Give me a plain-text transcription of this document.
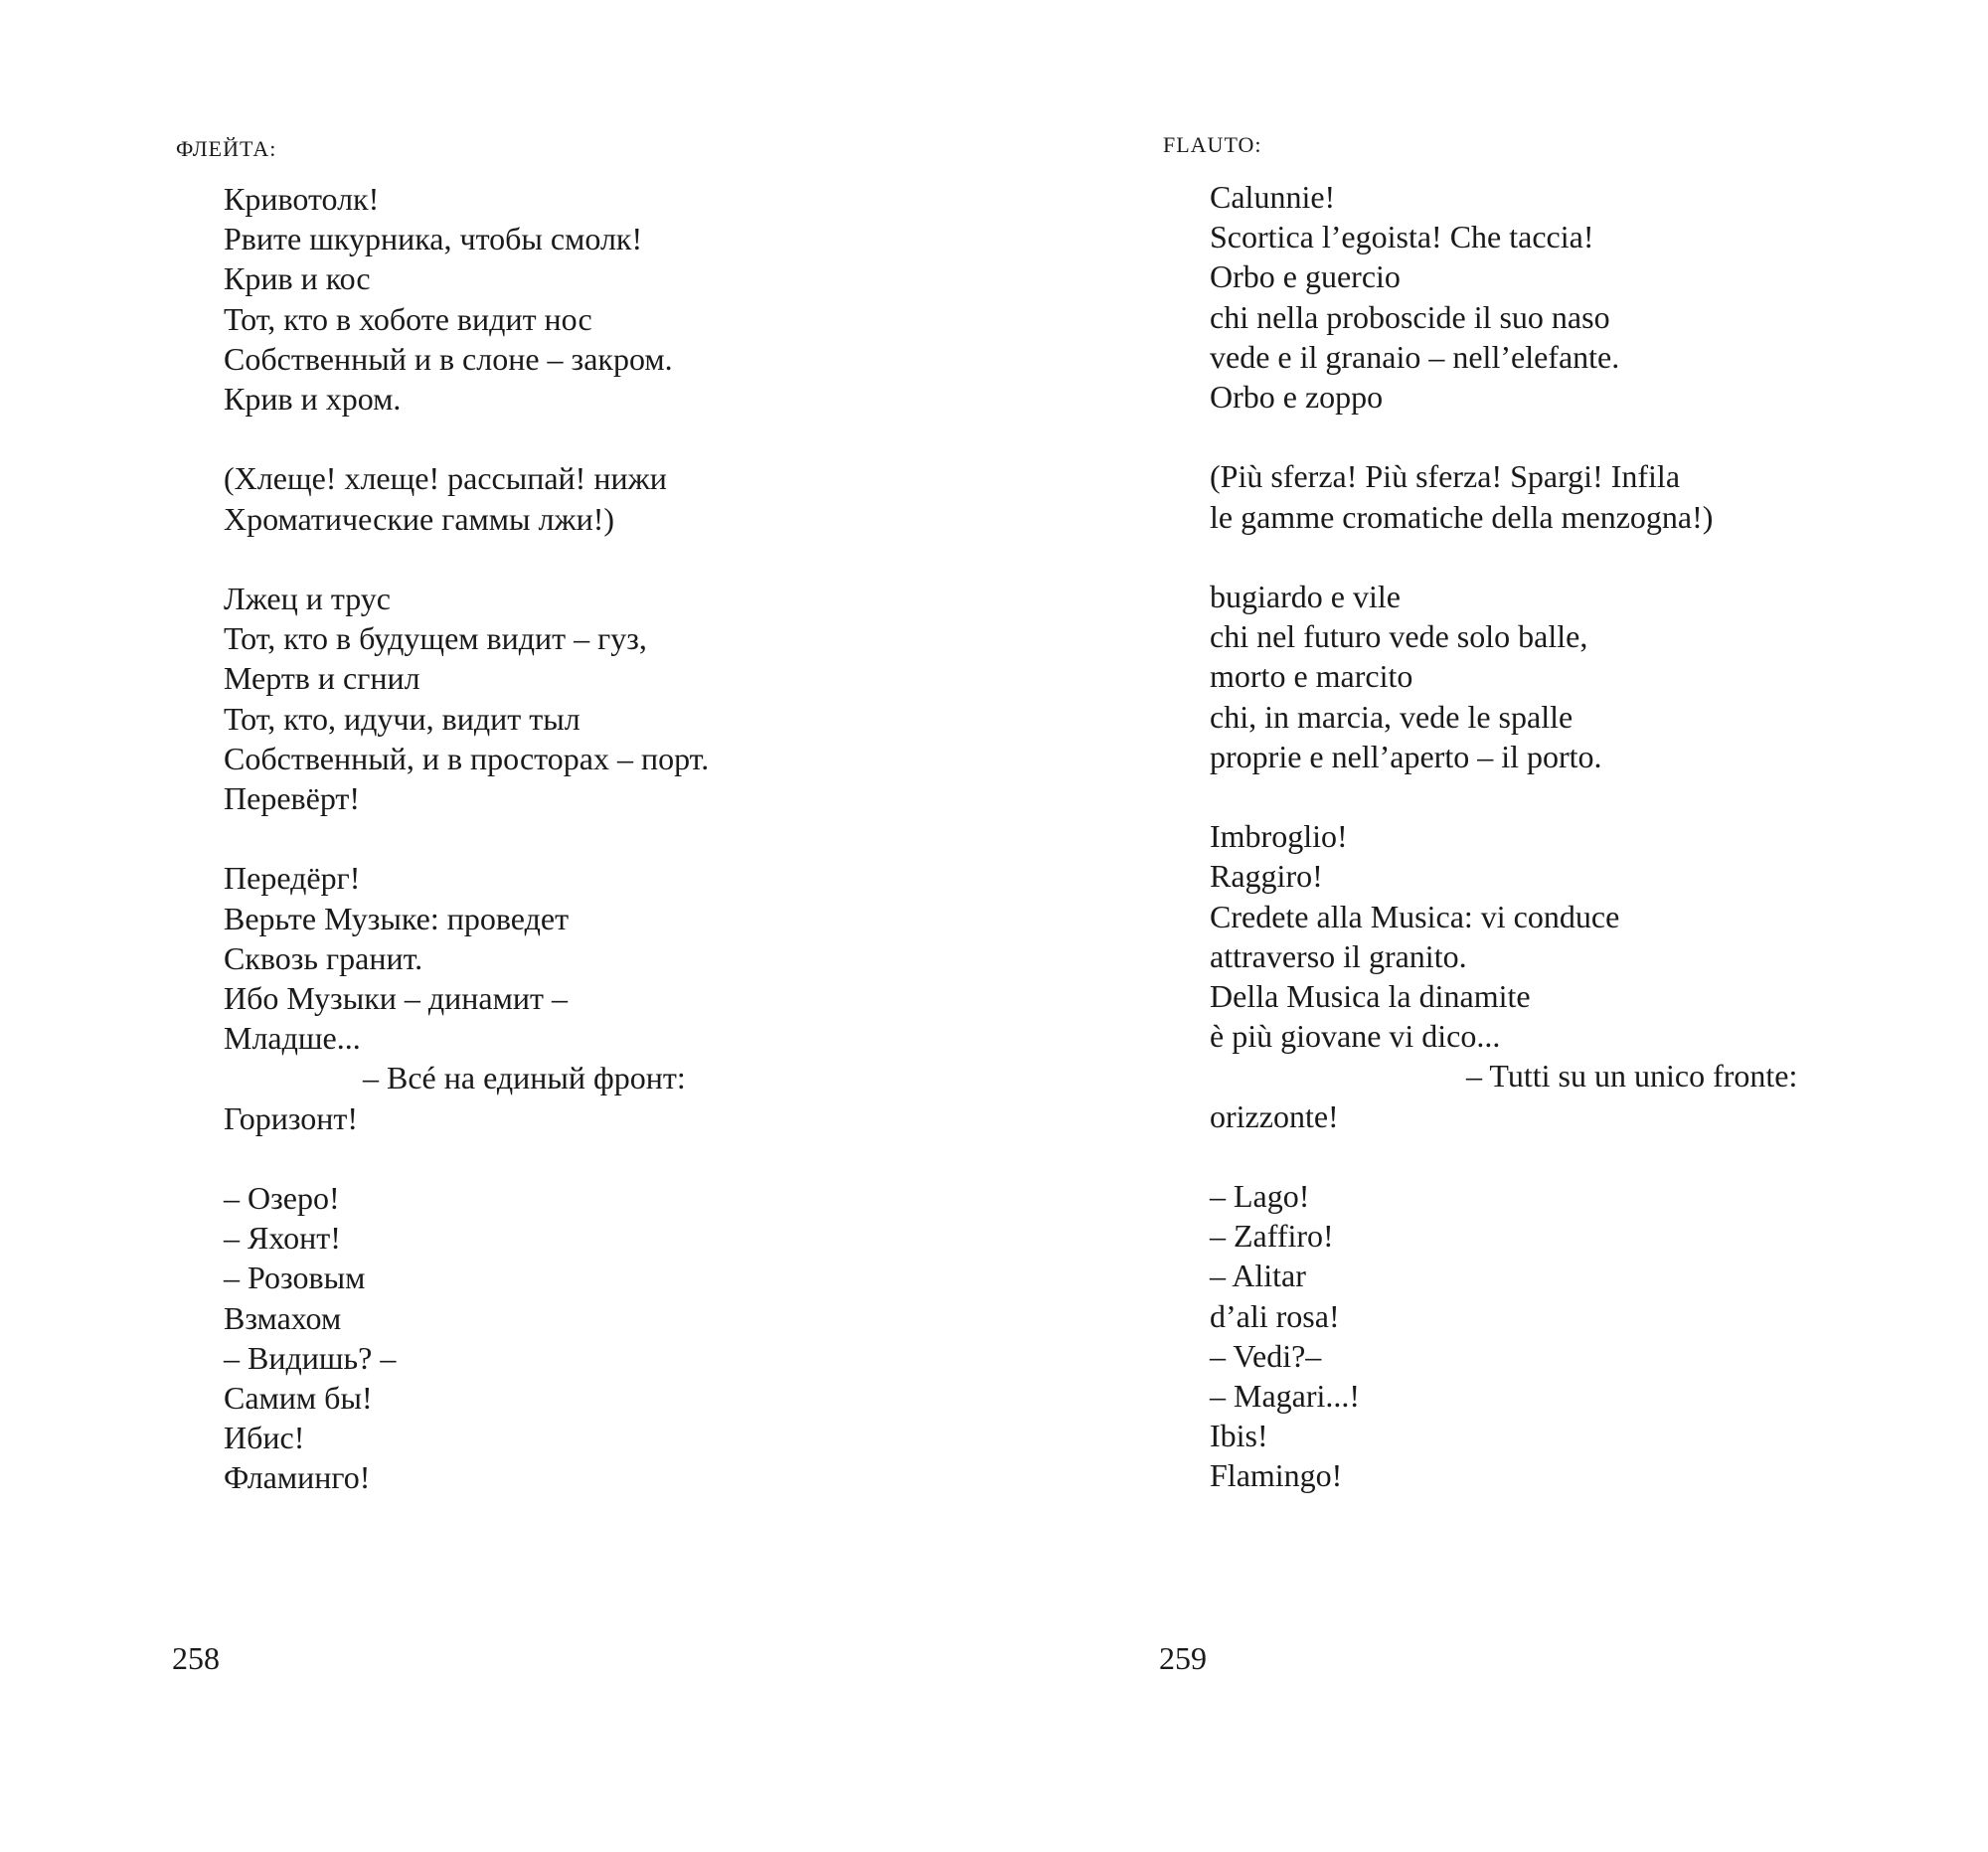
ФЛЕЙТА:
Кривотолк!
Рвите шкурника, чтобы смолк!
Крив и кос
Тот, кто в хоботе видит нос
Собственный и в слоне – закром.
Крив и хром.
(Хлеще! хлеще! рассыпай! нижи
Хроматические гаммы лжи!)
Лжец и трус
Тот, кто в будущем видит – гуз,
Мертв и сгнил
Тот, кто, идучи, видит тыл
Собственный, и в просторах – порт.
Перевёрт!
Передёрг!
Верьте Музыке: проведет
Сквозь гранит.
Ибо Музыки – динамит –
Младше...
– Всé на единый фронт:
Горизонт!
– Озеро!
– Яхонт!
– Розовым
Взмахом
– Видишь? –
Самим бы!
Ибис!
Фламинго!
258
FLAUTO:
Calunnie!
Scortica l’egoista! Che taccia!
Orbo e guercio
chi nella proboscide il suo naso
vede e il granaio – nell’elefante.
Orbo e zoppo
(Più sferza! Più sferza! Spargi! Infila
le gamme cromatiche della menzogna!)
bugiardo e vile
chi nel futuro vede solo balle,
morto e marcito
chi, in marcia, vede le spalle
proprie e nell’aperto – il porto.
Imbroglio!
Raggiro!
Credete alla Musica: vi conduce
attraverso il granito.
Della Musica la dinamite
è più giovane vi dico...
– Tutti su un unico fronte:
orizzonte!
– Lago!
– Zaffiro!
– Alitar
d’ali rosa!
– Vedi?–
– Magari...!
Ibis!
Flamingo!
259
